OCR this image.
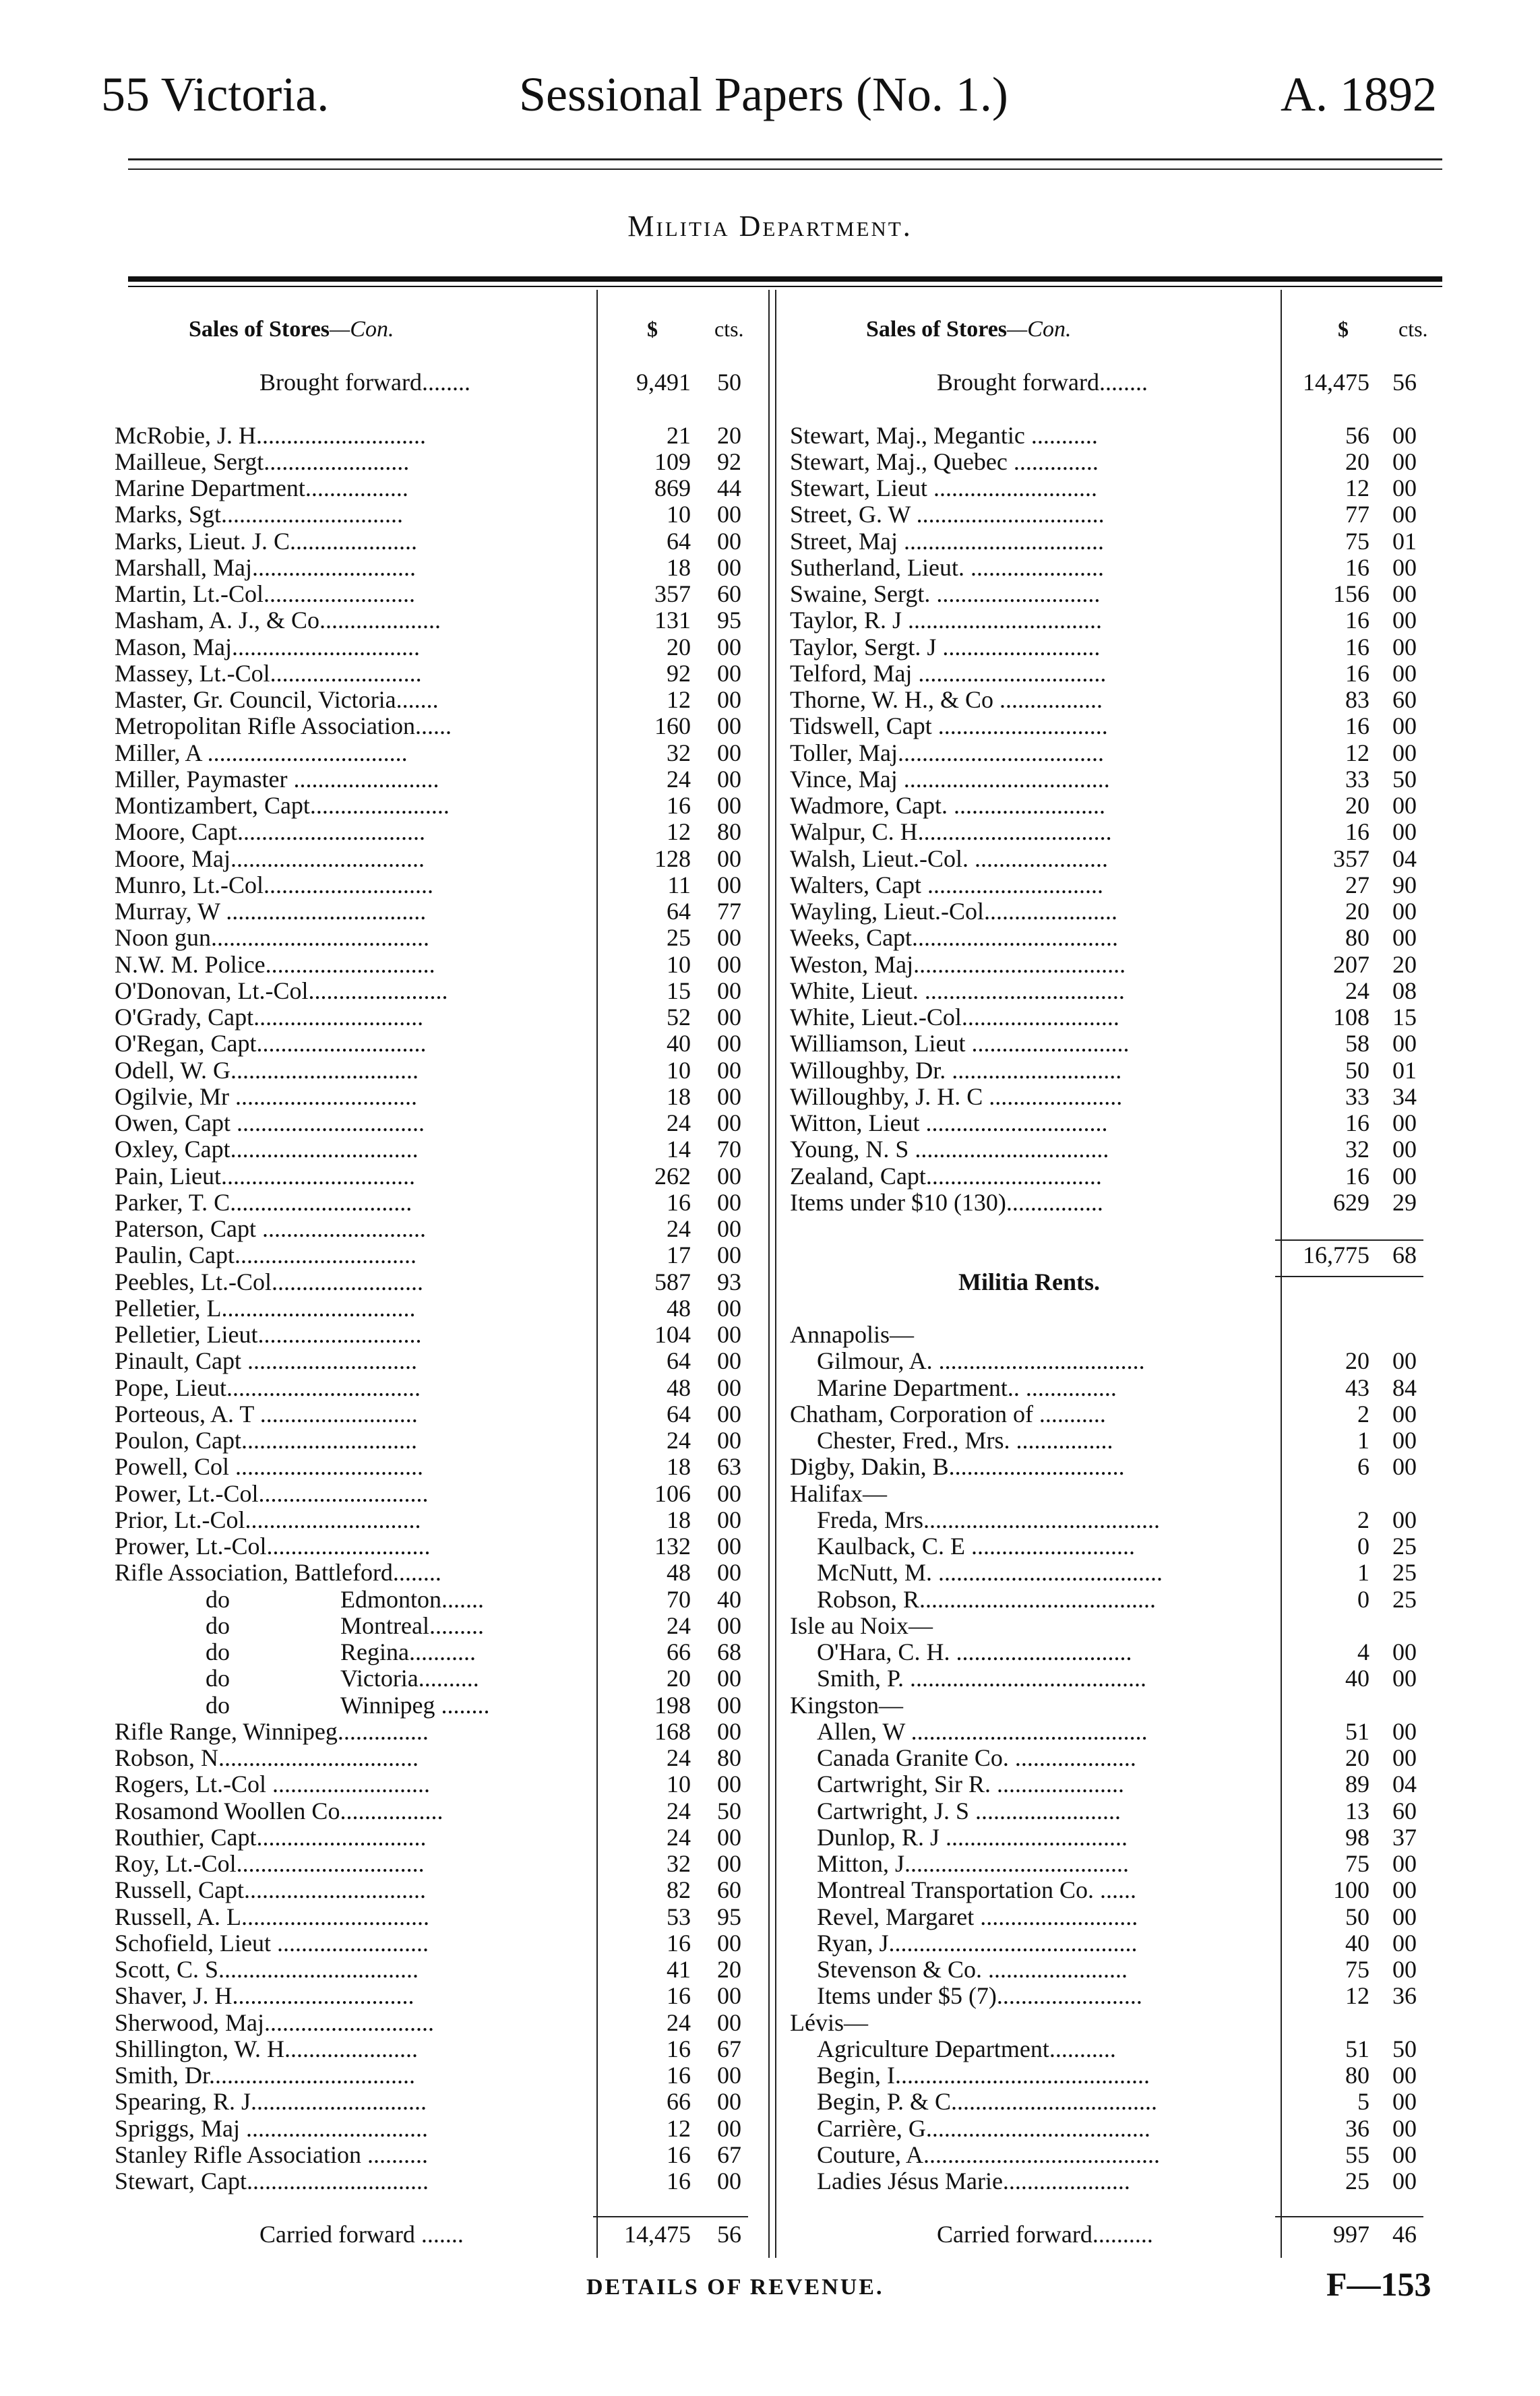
55 Victoria.	Sessional Papers (No. 1.)	A. 1892
Militia Department.
Sales of Stores—Con.	$	cts.	Sales of Stores—Con.	$ cts.
Brought forward........	9,491	50
McRobie, J. H............................	21	20
Mailleue, Sergt........................	109	92
Marine Department.................	869	44
Marks, Sgt..............................	10	00
Marks, Lieut. J. C.....................	64	00
Marshall, Maj...........................	18	00
Martin, Lt.-Col.........................	357	60
Masham, A. J., & Co....................	131	95
Mason, Maj...............................	20	00
Massey, Lt.-Col.........................	92	00
Master, Gr. Council, Victoria.......	12	00
Metropolitan Rifle Association......	160	00
Miller, A .................................	32	00
Miller, Paymaster ........................	24	00
Montizambert, Capt.......................	16	00
Moore, Capt...............................	12	80
Moore, Maj................................	128	00
Munro, Lt.-Col............................	11	00
Murray, W .................................	64	77
Noon gun....................................	25	00
N.W. M. Police............................	10	00
O'Donovan, Lt.-Col.......................	15	00
O'Grady, Capt............................	52	00
O'Regan, Capt............................	40	00
Odell, W. G...............................	10	00
Ogilvie, Mr ..............................	18	00
Owen, Capt ...............................	24	00
Oxley, Capt...............................	14	70
Pain, Lieut................................	262	00
Parker, T. C..............................	16	00
Paterson, Capt ...........................	24	00
Paulin, Capt..............................	17	00
Peebles, Lt.-Col.........................	587	93
Pelletier, L................................	48	00
Pelletier, Lieut...........................	104	00
Pinault, Capt ............................	64	00
Pope, Lieut................................	48	00
Porteous, A. T ..........................	64	00
Poulon, Capt.............................	24	00
Powell, Col ...............................	18	63
Power, Lt.-Col............................	106	00
Prior, Lt.-Col.............................	18	00
Prower, Lt.-Col...........................	132	00
Rifle Association, Battleford........	48	00
do	Edmonton.......	70	40
do	Montreal.........	24	00
do	Regina...........	66	68
do	Victoria..........	20	00
do	Winnipeg ........	198	00
Rifle Range, Winnipeg...............	168	00
Robson, N.................................	24	80
Rogers, Lt.-Col ..........................	10	00
Rosamond Woollen Co.................	24	50
Routhier, Capt............................	24	00
Roy, Lt.-Col...............................	32	00
Russell, Capt..............................	82	60
Russell, A. L...............................	53	95
Schofield, Lieut .........................	16	00
Scott, C. S.................................	41	20
Shaver, J. H..............................	16	00
Sherwood, Maj............................	24	00
Shillington, W. H......................	16	67
Smith, Dr..................................	16	00
Spearing, R. J.............................	66	00
Spriggs, Maj ..............................	12	00
Stanley Rifle Association ..........	16	67
Stewart, Capt..............................	16	00
Carried forward .......	14,475	56
Brought forward........	14,475 56
Stewart, Maj., Megantic ...........	56 00
Stewart, Maj., Quebec ..............	20 00
Stewart, Lieut ...........................	12 00
Street, G. W ...............................	77 00
Street, Maj .................................	75 01
Sutherland, Lieut. ......................	16 00
Swaine, Sergt. ...........................	156 00
Taylor, R. J ................................	16 00
Taylor, Sergt. J ..........................	16 00
Telford, Maj ...............................	16 00
Thorne, W. H., & Co .................	83 60
Tidswell, Capt ............................	16 00
Toller, Maj..................................	12 00
Vince, Maj ..................................	33 50
Wadmore, Capt. .........................	20 00
Walpur, C. H................................	16 00
Walsh, Lieut.-Col. ......................	357 04
Walters, Capt .............................	27 90
Wayling, Lieut.-Col......................	20 00
Weeks, Capt..................................	80 00
Weston, Maj...................................	207 20
White, Lieut. .................................	24 08
White, Lieut.-Col..........................	108 15
Williamson, Lieut ..........................	58 00
Willoughby, Dr. ............................	50 01
Willoughby, J. H. C ......................	33 34
Witton, Lieut ..............................	16 00
Young, N. S ................................	32 00
Zealand, Capt.............................	16 00
Items under $10 (130)................	629 29
16,775 68
Militia Rents.
Annapolis—
Gilmour, A. ..................................	20 00
Marine Department.. ...............	43 84
Chatham, Corporation of ...........	2 00
Chester, Fred., Mrs. ................	1 00
Digby, Dakin, B.............................	6 00
Halifax—
Freda, Mrs.......................................	2 00
Kaulback, C. E ...........................	0 25
McNutt, M. .....................................	1 25
Robson, R.......................................	0 25
Isle au Noix—
O'Hara, C. H. .............................	4 00
Smith, P. .......................................	40 00
Kingston—
Allen, W .......................................	51 00
Canada Granite Co. ....................	20 00
Cartwright, Sir R. .....................	89 04
Cartwright, J. S ........................	13 60
Dunlop, R. J ..............................	98 37
Mitton, J.....................................	75 00
Montreal Transportation Co. ......	100 00
Revel, Margaret ..........................	50 00
Ryan, J.........................................	40 00
Stevenson & Co. .......................	75 00
Items under $5 (7)........................	12 36
Lévis—
Agriculture Department...........	51 50
Begin, I..........................................	80 00
Begin, P. & C..................................	5 00
Carrière, G.....................................	36 00
Couture, A.......................................	55 00
Ladies Jésus Marie.....................	25 00
Carried forward..........	997 46
DETAILS OF REVENUE.	F—153
